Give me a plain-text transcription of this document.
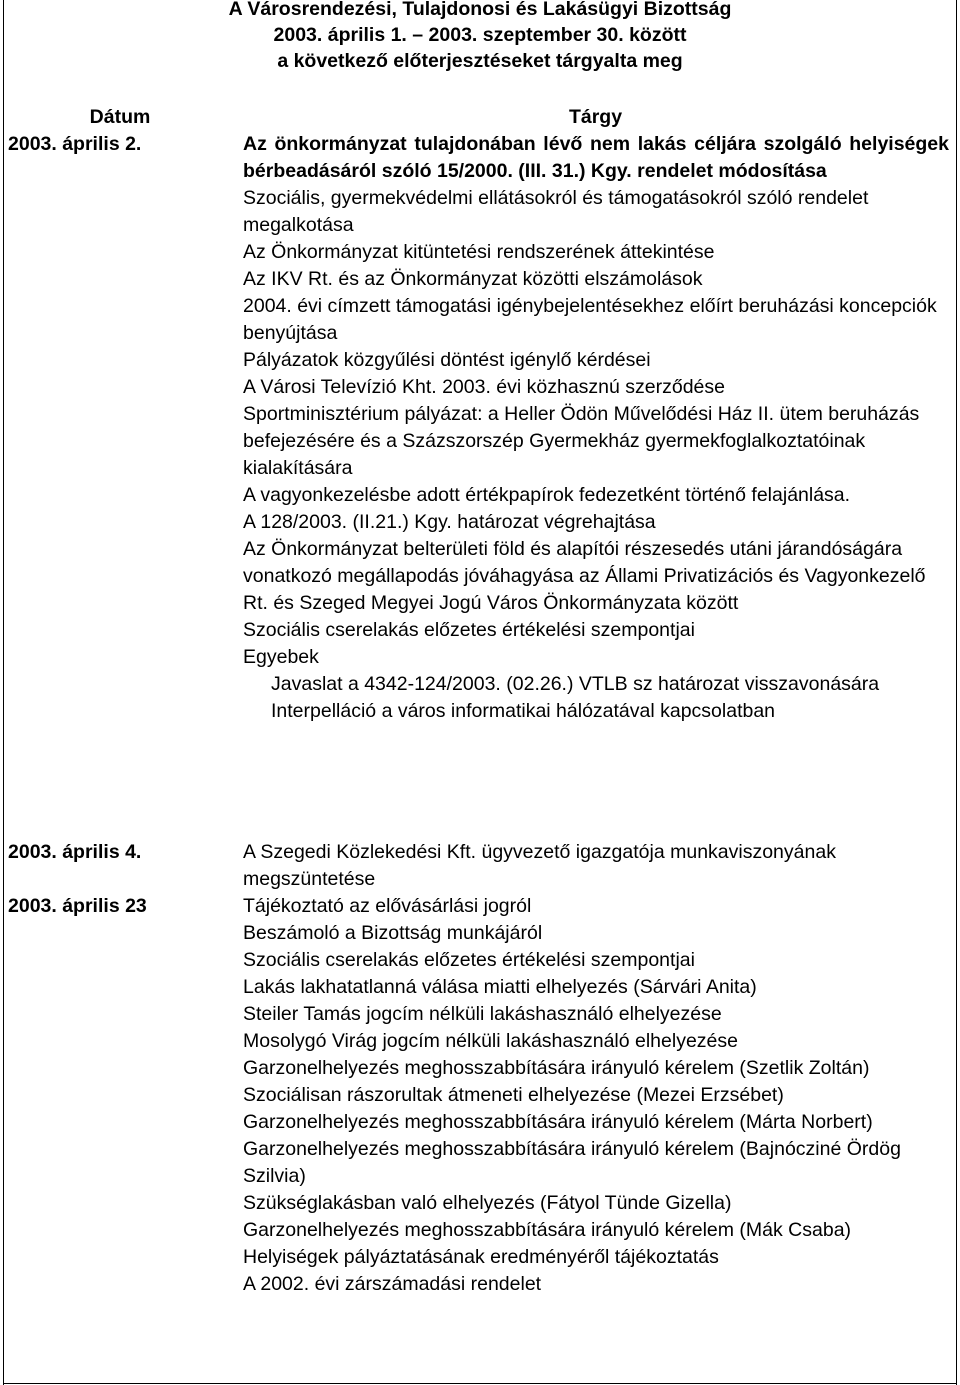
A Városrendezési, Tulajdonosi és Lakásügyi Bizottság
2003. április 1. – 2003. szeptember 30. között
a következő előterjesztéseket tárgyalta meg
Dátum	Tárgy
2003. április 2.	Az önkormányzat tulajdonában lévő nem lakás céljára szolgáló helyiségek bérbeadásáról szóló 15/2000. (III. 31.) Kgy. rendelet módosítása
Szociális, gyermekvédelmi ellátásokról és támogatásokról szóló rendelet megalkotása
Az Önkormányzat kitüntetési rendszerének áttekintése
Az IKV Rt. és az Önkormányzat közötti elszámolások
2004. évi címzett támogatási igénybejelentésekhez előírt beruházási koncepciók benyújtása
Pályázatok közgyűlési döntést igénylő kérdései
A Városi Televízió Kht. 2003. évi közhasznú szerződése
Sportminisztérium pályázat: a Heller Ödön Művelődési Ház II. ütem beruházás befejezésére és a Százszorszép Gyermekház gyermekfoglalkoztatóinak kialakítására
A vagyonkezelésbe adott értékpapírok fedezetként történő felajánlása.
A 128/2003. (II.21.) Kgy. határozat végrehajtása
Az Önkormányzat belterületi föld és alapítói részesedés utáni járandóságára vonatkozó megállapodás jóváhagyása az Állami Privatizációs és Vagyonkezelő Rt. és Szeged Megyei Jogú Város Önkormányzata között
Szociális cserelakás előzetes értékelési szempontjai
Egyebek
Javaslat a 4342-124/2003. (02.26.) VTLB sz határozat visszavonására
Interpelláció a város informatikai hálózatával kapcsolatban
2003. április 4.	A Szegedi Közlekedési Kft. ügyvezető igazgatója munkaviszonyának megszüntetése
2003. április 23	Tájékoztató az elővásárlási jogról
Beszámoló a Bizottság munkájáról
Szociális cserelakás előzetes értékelési szempontjai
Lakás lakhatatlanná válása miatti elhelyezés (Sárvári Anita)
Steiler Tamás jogcím nélküli lakáshasználó elhelyezése
Mosolygó Virág jogcím nélküli lakáshasználó elhelyezése
Garzonelhelyezés meghosszabbítására irányuló kérelem (Szetlik Zoltán)
Szociálisan rászorultak átmeneti elhelyezése (Mezei Erzsébet)
Garzonelhelyezés meghosszabbítására irányuló kérelem (Márta Norbert)
Garzonelhelyezés meghosszabbítására irányuló kérelem (Bajnócziné Ördög Szilvia)
Szükséglakásban való elhelyezés (Fátyol Tünde Gizella)
Garzonelhelyezés meghosszabbítására irányuló kérelem (Mák Csaba)
Helyiségek pályáztatásának eredményéről tájékoztatás
A 2002. évi zárszámadási rendelet
